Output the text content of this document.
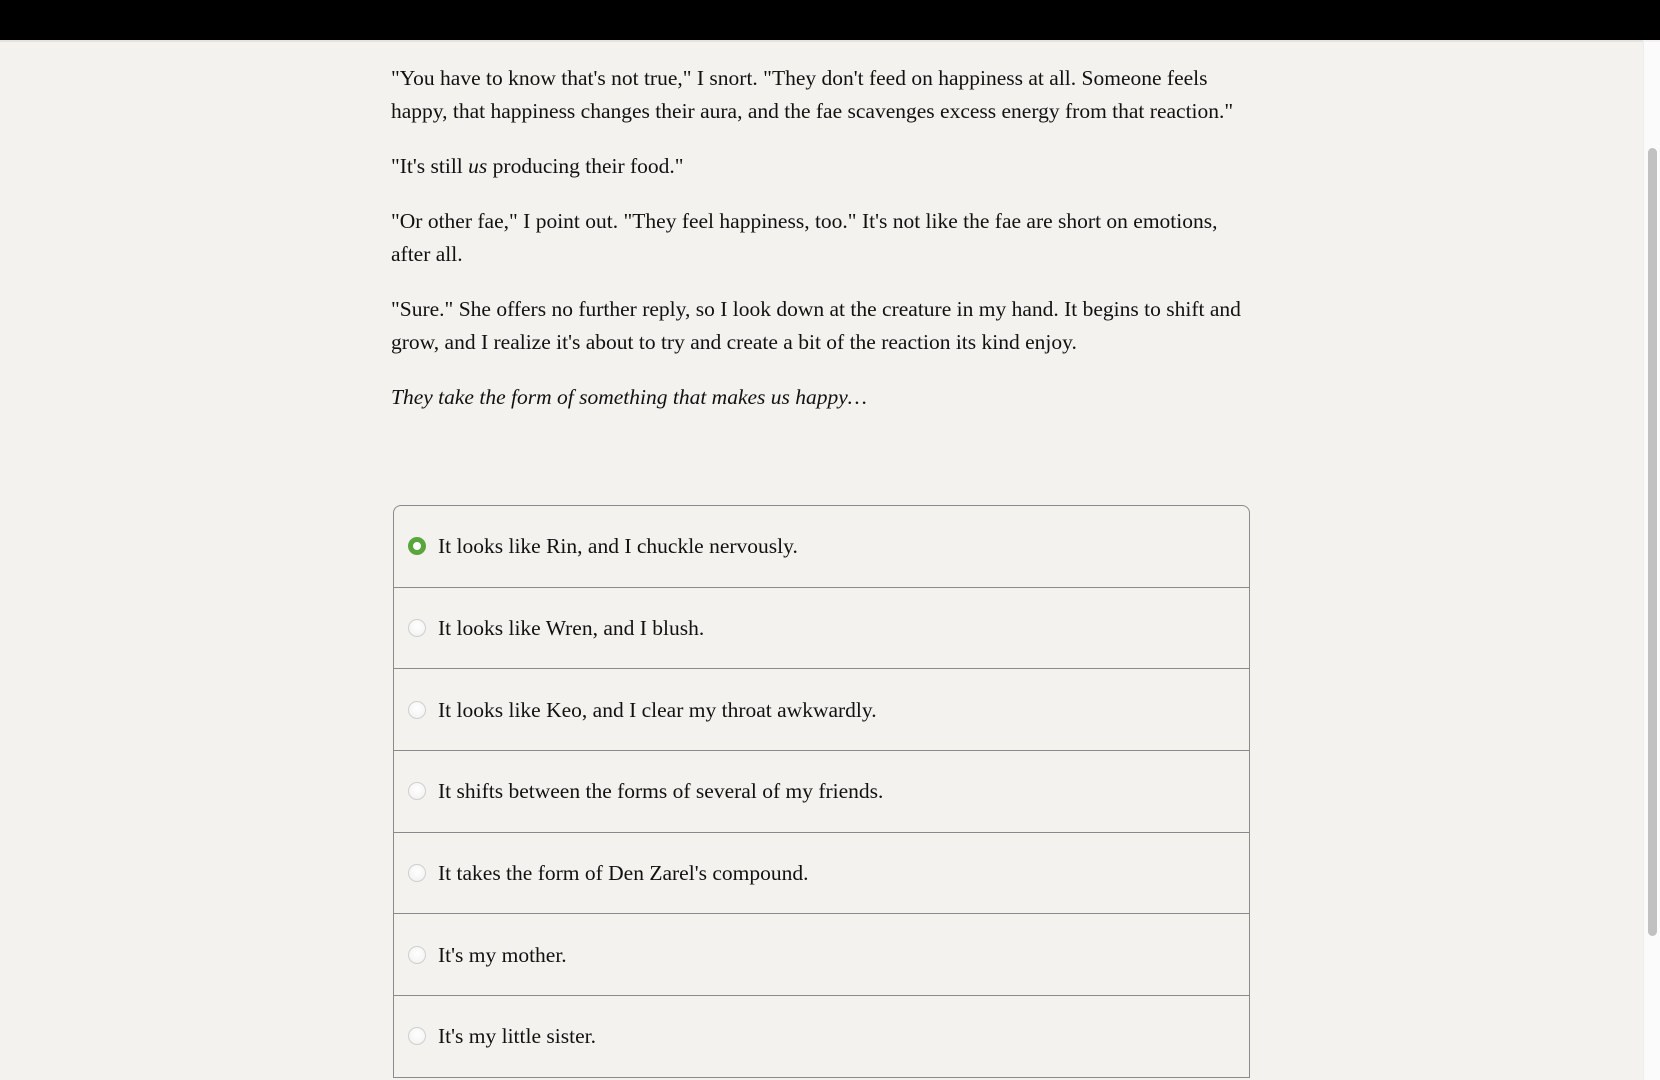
"You have to know that's not true," I snort. "They don't feed on happiness at all. Someone feels happy, that happiness changes their aura, and the fae scavenges excess energy from that reaction."

"It's still us producing their food."

"Or other fae," I point out. "They feel happiness, too." It's not like the fae are short on emotions, after all.

"Sure." She offers no further reply, so I look down at the creature in my hand. It begins to shift and grow, and I realize it's about to try and create a bit of the reaction its kind enjoy.

They take the form of something that makes us happy…

It looks like Rin, and I chuckle nervously.
It looks like Wren, and I blush.
It looks like Keo, and I clear my throat awkwardly.
It shifts between the forms of several of my friends.
It takes the form of Den Zarel's compound.
It's my mother.
It's my little sister.
